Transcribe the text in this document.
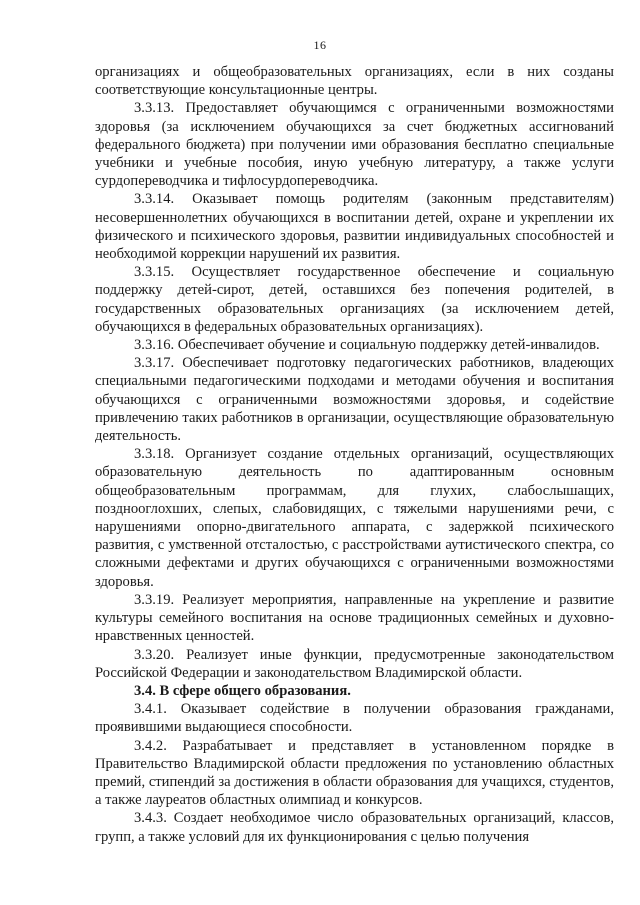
16

организациях и общеобразовательных организациях, если в них созданы соответствующие консультационные центры.

3.3.13. Предоставляет обучающимся с ограниченными возможностями здоровья (за исключением обучающихся за счет бюджетных ассигнований федерального бюджета) при получении ими образования бесплатно специальные учебники и учебные пособия, иную учебную литературу, а также услуги сурдопереводчика и тифлосурдопереводчика.

3.3.14. Оказывает помощь родителям (законным представителям) несовершеннолетних обучающихся в воспитании детей, охране и укреплении их физического и психического здоровья, развитии индивидуальных способностей и необходимой коррекции нарушений их развития.

3.3.15. Осуществляет государственное обеспечение и социальную поддержку детей-сирот, детей, оставшихся без попечения родителей, в государственных образовательных организациях (за исключением детей, обучающихся в федеральных образовательных организациях).

3.3.16. Обеспечивает обучение и социальную поддержку детей-инвалидов.

3.3.17. Обеспечивает подготовку педагогических работников, владеющих специальными педагогическими подходами и методами обучения и воспитания обучающихся с ограниченными возможностями здоровья, и содействие привлечению таких работников в организации, осуществляющие образовательную деятельность.

3.3.18. Организует создание отдельных организаций, осуществляющих образовательную деятельность по адаптированным основным общеобразовательным программам, для глухих, слабослышащих, позднооглохших, слепых, слабовидящих, с тяжелыми нарушениями речи, с нарушениями опорно-двигательного аппарата, с задержкой психического развития, с умственной отсталостью, с расстройствами аутистического спектра, со сложными дефектами и других обучающихся с ограниченными возможностями здоровья.

3.3.19. Реализует мероприятия, направленные на укрепление и развитие культуры семейного воспитания на основе традиционных семейных и духовно-нравственных ценностей.

3.3.20. Реализует иные функции, предусмотренные законодательством Российской Федерации и законодательством Владимирской области.

3.4. В сфере общего образования.

3.4.1. Оказывает содействие в получении образования гражданами, проявившими выдающиеся способности.

3.4.2. Разрабатывает и представляет в установленном порядке в Правительство Владимирской области предложения по установлению областных премий, стипендий за достижения в области образования для учащихся, студентов, а также лауреатов областных олимпиад и конкурсов.

3.4.3. Создает необходимое число образовательных организаций, классов, групп, а также условий для их функционирования с целью получения
